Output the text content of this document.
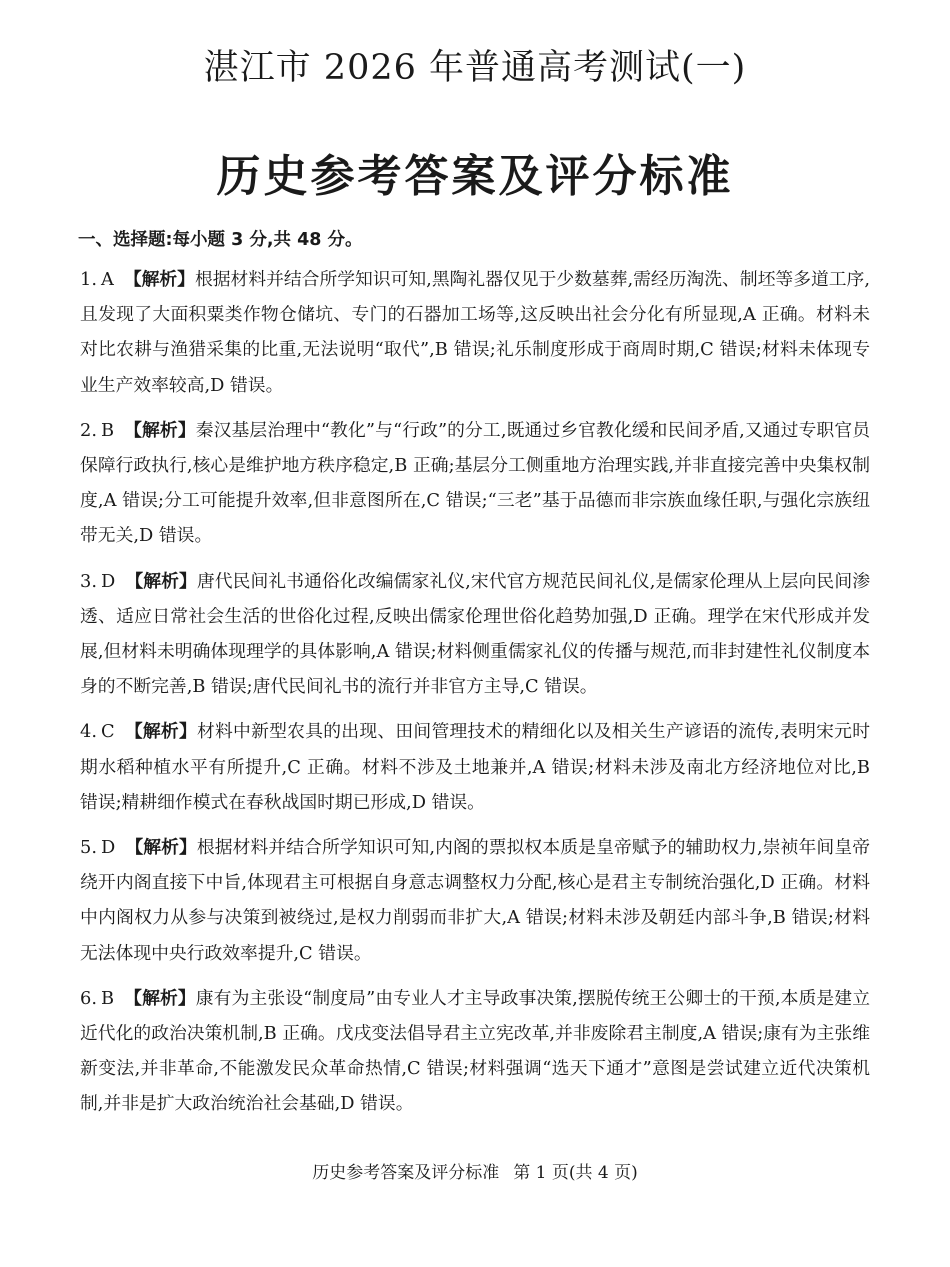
湛江市 2026 年普通高考测试(一)
历史参考答案及评分标准
一、选择题:每小题 3 分,共 48 分。
1. A 【解析】根据材料并结合所学知识可知,黑陶礼器仅见于少数墓葬,需经历淘洗、制坯等多道工序,且发现了大面积粟类作物仓储坑、专门的石器加工场等,这反映出社会分化有所显现,A 正确。材料未对比农耕与渔猎采集的比重,无法说明“取代”,B 错误;礼乐制度形成于商周时期,C 错误;材料未体现专业生产效率较高,D 错误。
2. B 【解析】秦汉基层治理中“教化”与“行政”的分工,既通过乡官教化缓和民间矛盾,又通过专职官员保障行政执行,核心是维护地方秩序稳定,B 正确;基层分工侧重地方治理实践,并非直接完善中央集权制度,A 错误;分工可能提升效率,但非意图所在,C 错误;“三老”基于品德而非宗族血缘任职,与强化宗族纽带无关,D 错误。
3. D 【解析】唐代民间礼书通俗化改编儒家礼仪,宋代官方规范民间礼仪,是儒家伦理从上层向民间渗透、适应日常社会生活的世俗化过程,反映出儒家伦理世俗化趋势加强,D 正确。理学在宋代形成并发展,但材料未明确体现理学的具体影响,A 错误;材料侧重儒家礼仪的传播与规范,而非封建性礼仪制度本身的不断完善,B 错误;唐代民间礼书的流行并非官方主导,C 错误。
4. C 【解析】材料中新型农具的出现、田间管理技术的精细化以及相关生产谚语的流传,表明宋元时期水稻种植水平有所提升,C 正确。材料不涉及土地兼并,A 错误;材料未涉及南北方经济地位对比,B 错误;精耕细作模式在春秋战国时期已形成,D 错误。
5. D 【解析】根据材料并结合所学知识可知,内阁的票拟权本质是皇帝赋予的辅助权力,崇祯年间皇帝绕开内阁直接下中旨,体现君主可根据自身意志调整权力分配,核心是君主专制统治强化,D 正确。材料中内阁权力从参与决策到被绕过,是权力削弱而非扩大,A 错误;材料未涉及朝廷内部斗争,B 错误;材料无法体现中央行政效率提升,C 错误。
6. B 【解析】康有为主张设“制度局”由专业人才主导政事决策,摆脱传统王公卿士的干预,本质是建立近代化的政治决策机制,B 正确。戊戌变法倡导君主立宪改革,并非废除君主制度,A 错误;康有为主张维新变法,并非革命,不能激发民众革命热情,C 错误;材料强调“选天下通才”意图是尝试建立近代决策机制,并非是扩大政治统治社会基础,D 错误。
历史参考答案及评分标准 第 1 页(共 4 页)
